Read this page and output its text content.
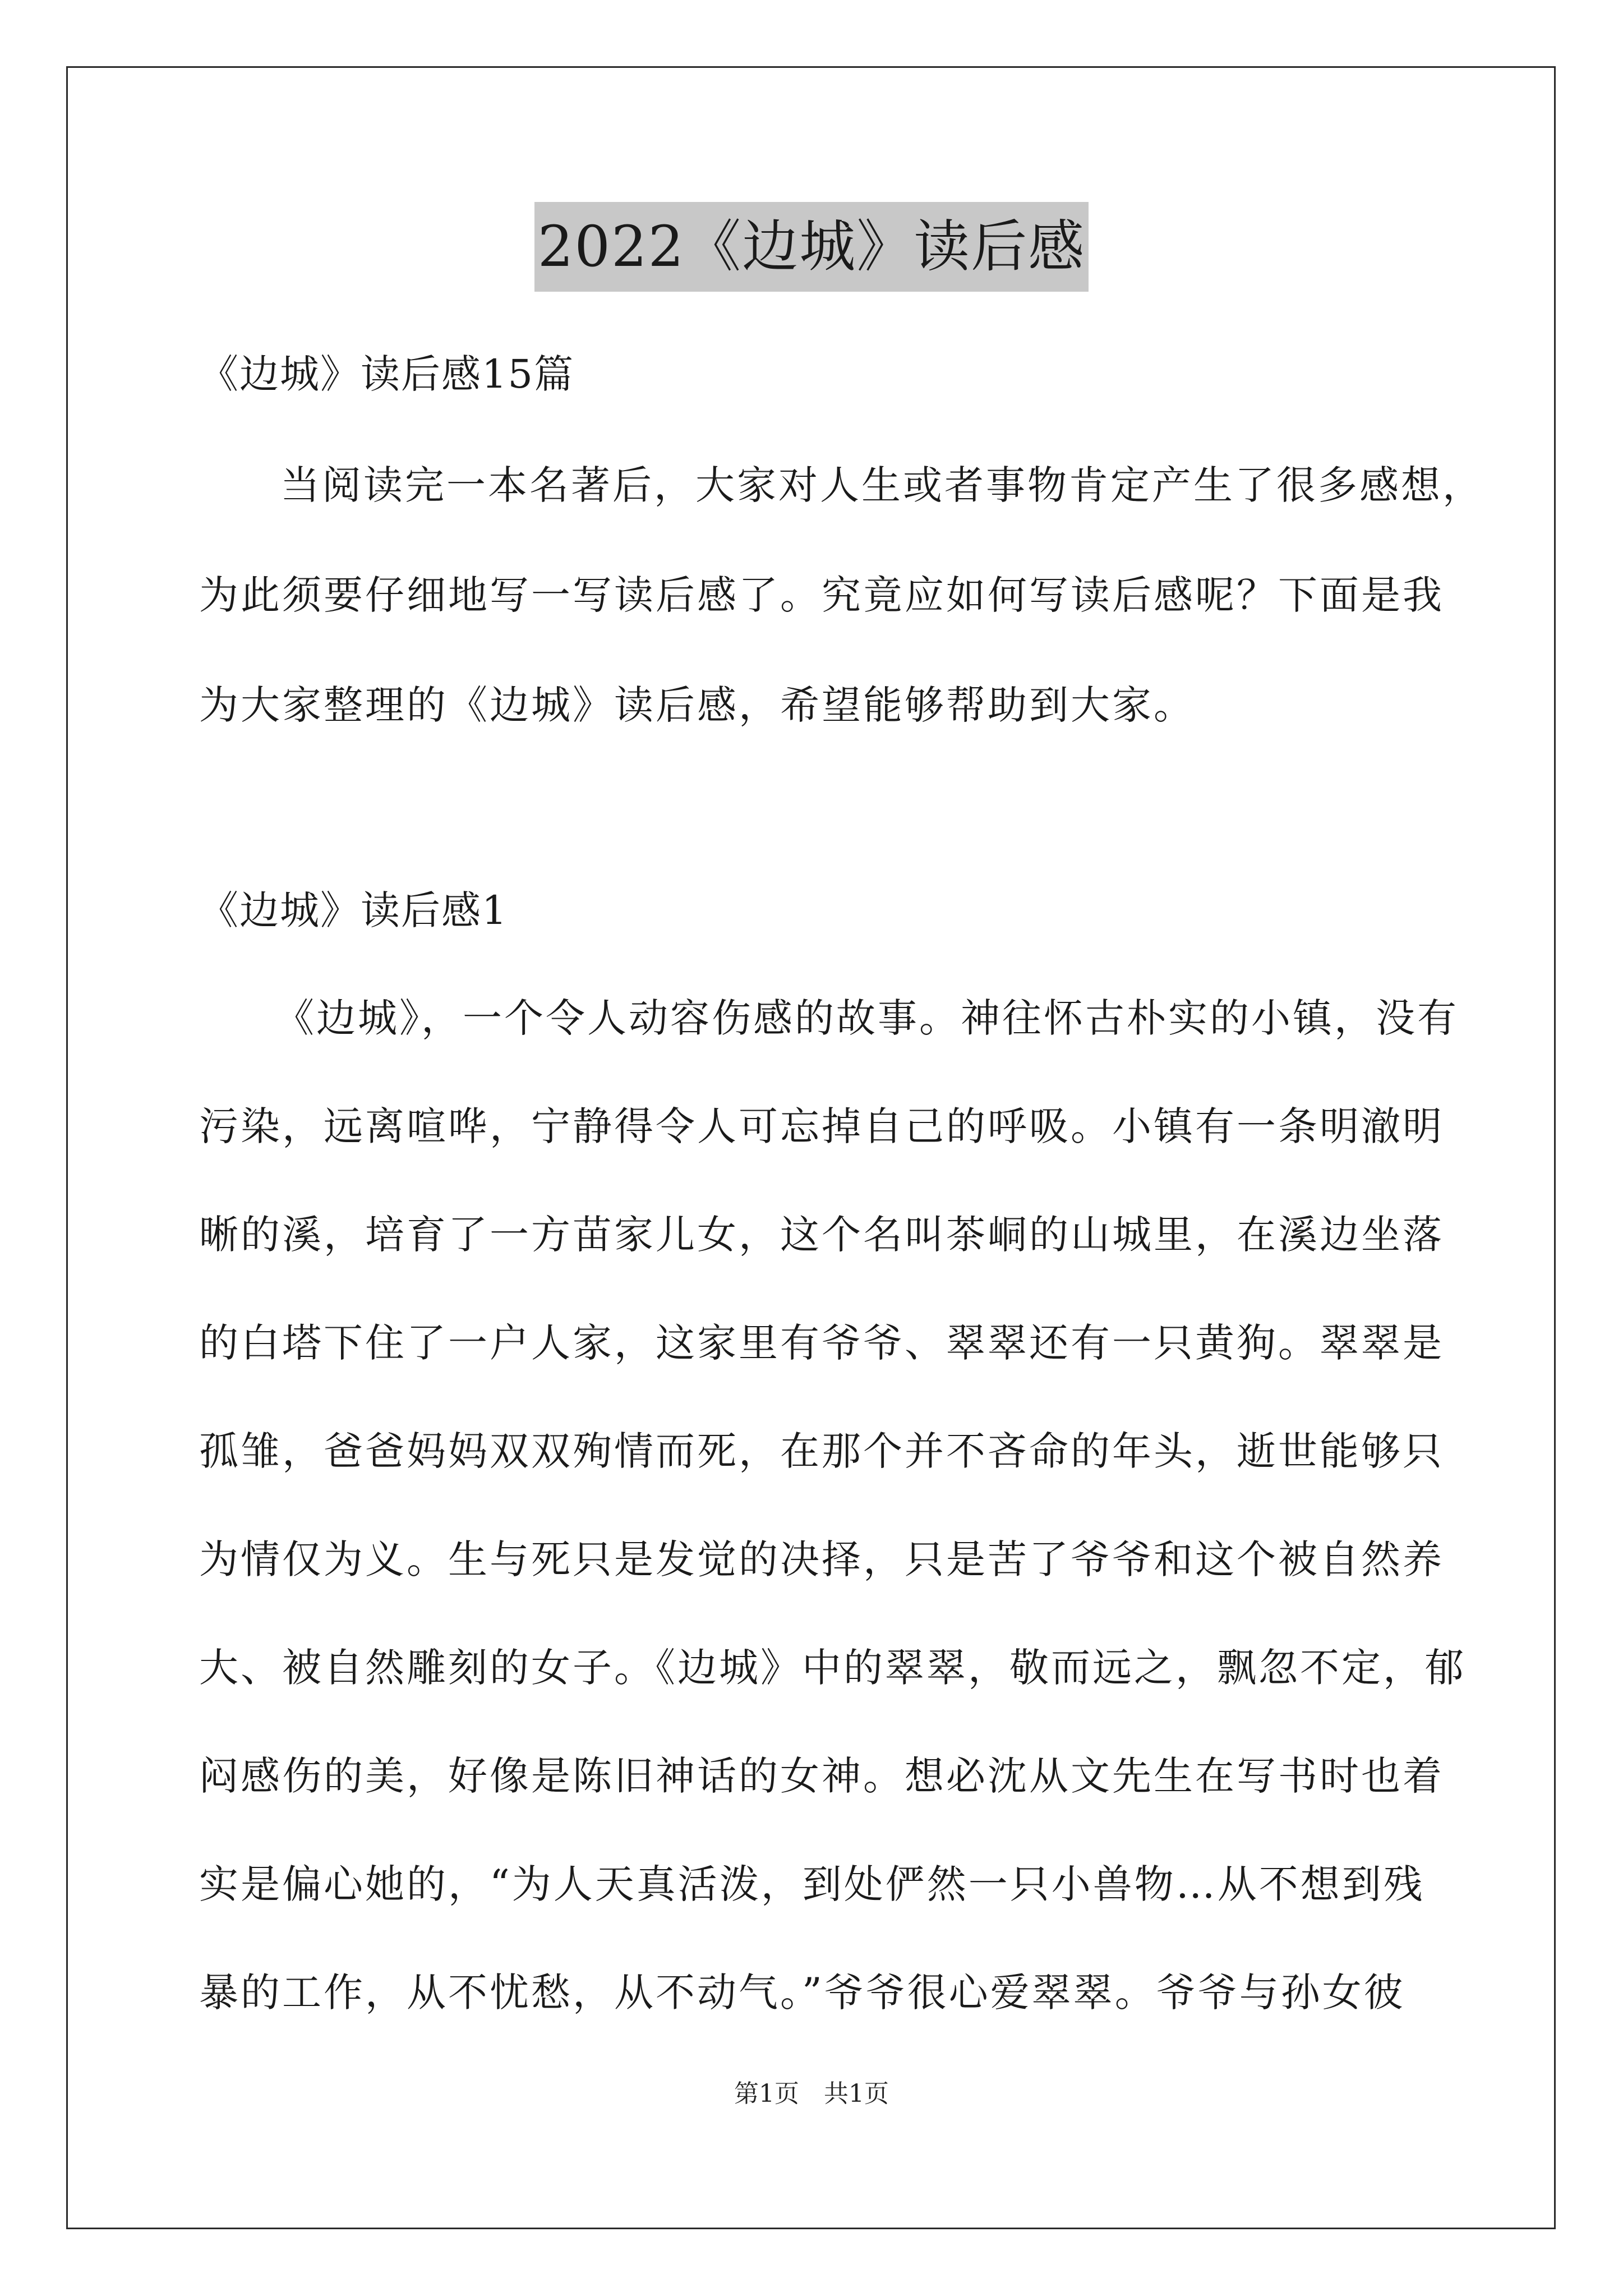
2022《边城》读后感
《边城》读后感15篇
当阅读完一本名著后，大家对人生或者事物肯定产生了很多感想，
为此须要仔细地写一写读后感了。究竟应如何写读后感呢？下面是我
为大家整理的《边城》读后感，希望能够帮助到大家。
《边城》读后感1
《边城》，一个令人动容伤感的故事。神往怀古朴实的小镇，没有
污染，远离喧哗，宁静得令人可忘掉自己的呼吸。小镇有一条明澈明
晰的溪，培育了一方苗家儿女，这个名叫茶峒的山城里，在溪边坐落
的白塔下住了一户人家，这家里有爷爷、翠翠还有一只黄狗。翠翠是
孤雏，爸爸妈妈双双殉情而死，在那个并不吝命的年头，逝世能够只
为情仅为义。生与死只是发觉的决择，只是苦了爷爷和这个被自然养
大、被自然雕刻的女子。《边城》中的翠翠，敬而远之，飘忽不定，郁
闷感伤的美，好像是陈旧神话的女神。想必沈从文先生在写书时也着
实是偏心她的，“为人天真活泼，到处俨然一只小兽物…从不想到残
暴的工作，从不忧愁，从不动气。”爷爷很心爱翠翠。爷爷与孙女彼
第1页 共1页
